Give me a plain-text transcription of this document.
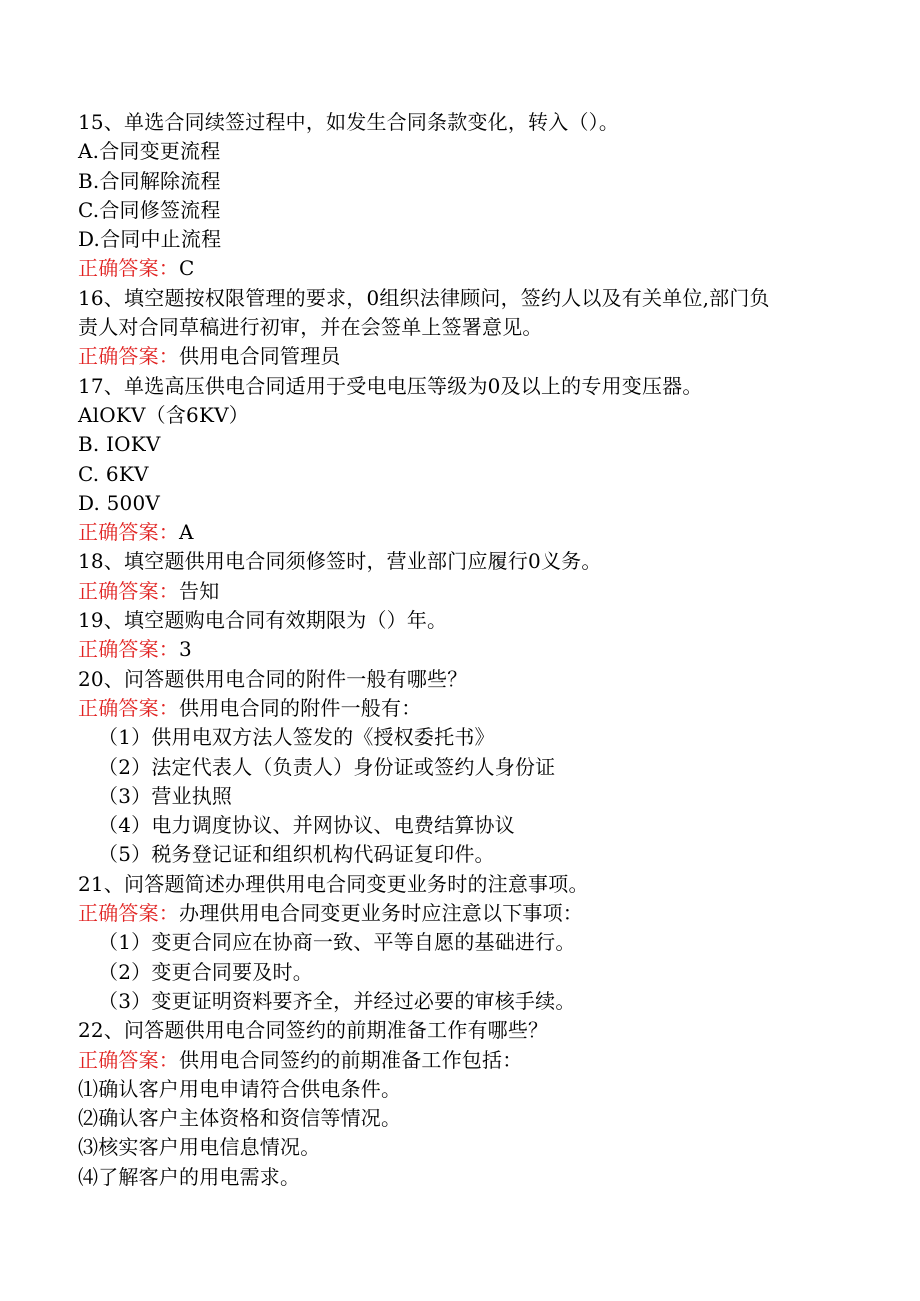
15、单选合同续签过程中，如发生合同条款变化，转入（）。
A.合同变更流程
B.合同解除流程
C.合同修签流程
D.合同中止流程
正确答案：C
16、填空题按权限管理的要求，0组织法律顾问，签约人以及有关单位,部门负
责人对合同草稿进行初审，并在会签单上签署意见。
正确答案：供用电合同管理员
17、单选高压供电合同适用于受电电压等级为0及以上的专用变压器。
AlOKV（含6KV）
B. IOKV
C. 6KV
D. 500V
正确答案：A
18、填空题供用电合同须修签时，营业部门应履行0义务。
正确答案：告知
19、填空题购电合同有效期限为（）年。
正确答案：3
20、问答题供用电合同的附件一般有哪些？
正确答案：供用电合同的附件一般有：
（1）供用电双方法人签发的《授权委托书》
（2）法定代表人（负责人）身份证或签约人身份证
（3）营业执照
（4）电力调度协议、并网协议、电费结算协议
（5）税务登记证和组织机构代码证复印件。
21、问答题简述办理供用电合同变更业务时的注意事项。
正确答案：办理供用电合同变更业务时应注意以下事项：
（1）变更合同应在协商一致、平等自愿的基础进行。
（2）变更合同要及时。
（3）变更证明资料要齐全，并经过必要的审核手续。
22、问答题供用电合同签约的前期准备工作有哪些？
正确答案：供用电合同签约的前期准备工作包括：
⑴确认客户用电申请符合供电条件。
⑵确认客户主体资格和资信等情况。
⑶核实客户用电信息情况。
⑷了解客户的用电需求。
